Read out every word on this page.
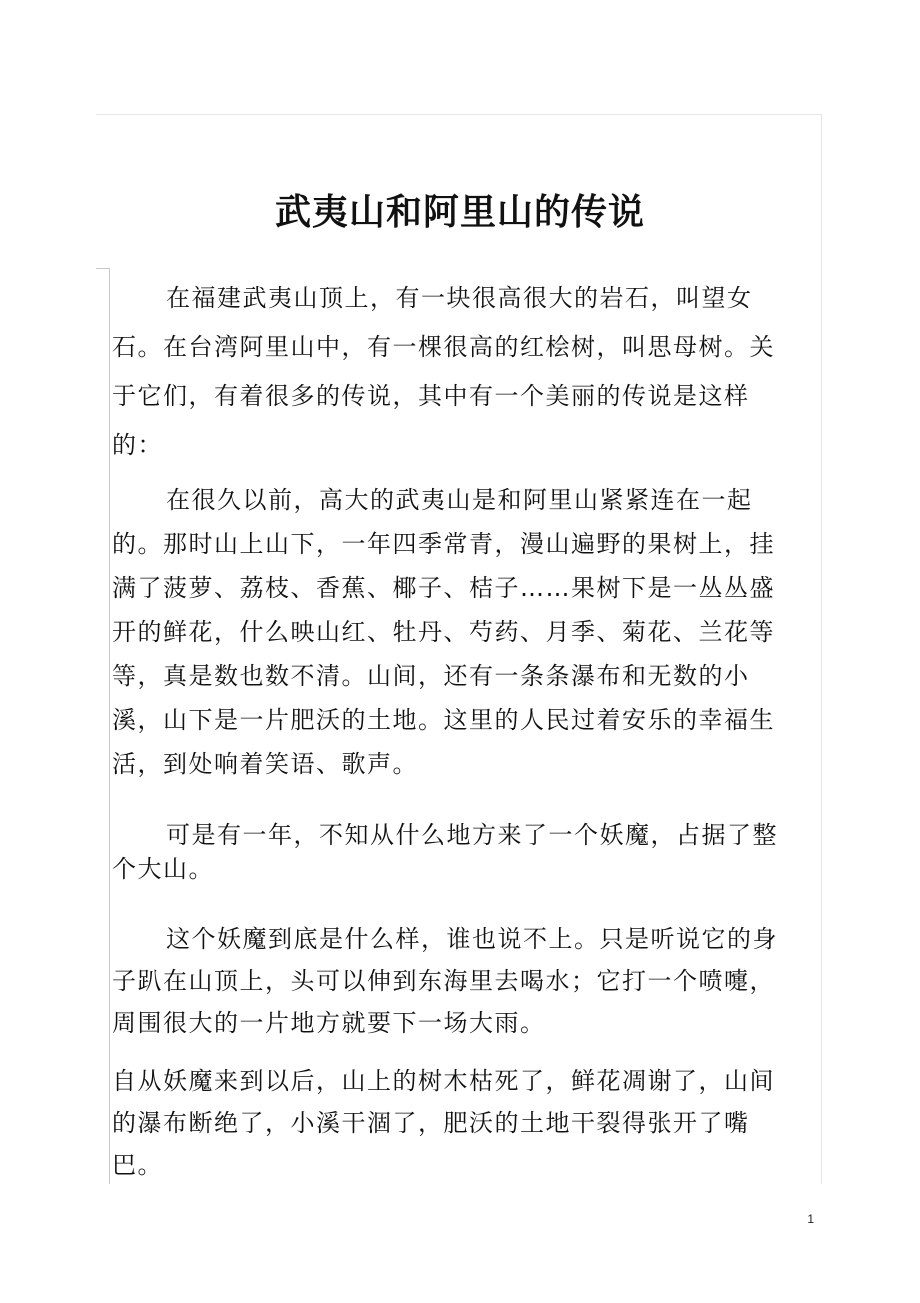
武夷山和阿里山的传说

在福建武夷山顶上，有一块很高很大的岩石，叫望女石。在台湾阿里山中，有一棵很高的红桧树，叫思母树。关于它们，有着很多的传说，其中有一个美丽的传说是这样的：

在很久以前，高大的武夷山是和阿里山紧紧连在一起的。那时山上山下，一年四季常青，漫山遍野的果树上，挂满了菠萝、荔枝、香蕉、椰子、桔子……果树下是一丛丛盛开的鲜花，什么映山红、牡丹、芍药、月季、菊花、兰花等等，真是数也数不清。山间，还有一条条瀑布和无数的小溪，山下是一片肥沃的土地。这里的人民过着安乐的幸福生活，到处响着笑语、歌声。

可是有一年，不知从什么地方来了一个妖魔，占据了整个大山。

这个妖魔到底是什么样，谁也说不上。只是听说它的身子趴在山顶上，头可以伸到东海里去喝水；它打一个喷嚏，周围很大的一片地方就要下一场大雨。

自从妖魔来到以后，山上的树木枯死了，鲜花凋谢了，山间的瀑布断绝了，小溪干涸了，肥沃的土地干裂得张开了嘴巴。

1
